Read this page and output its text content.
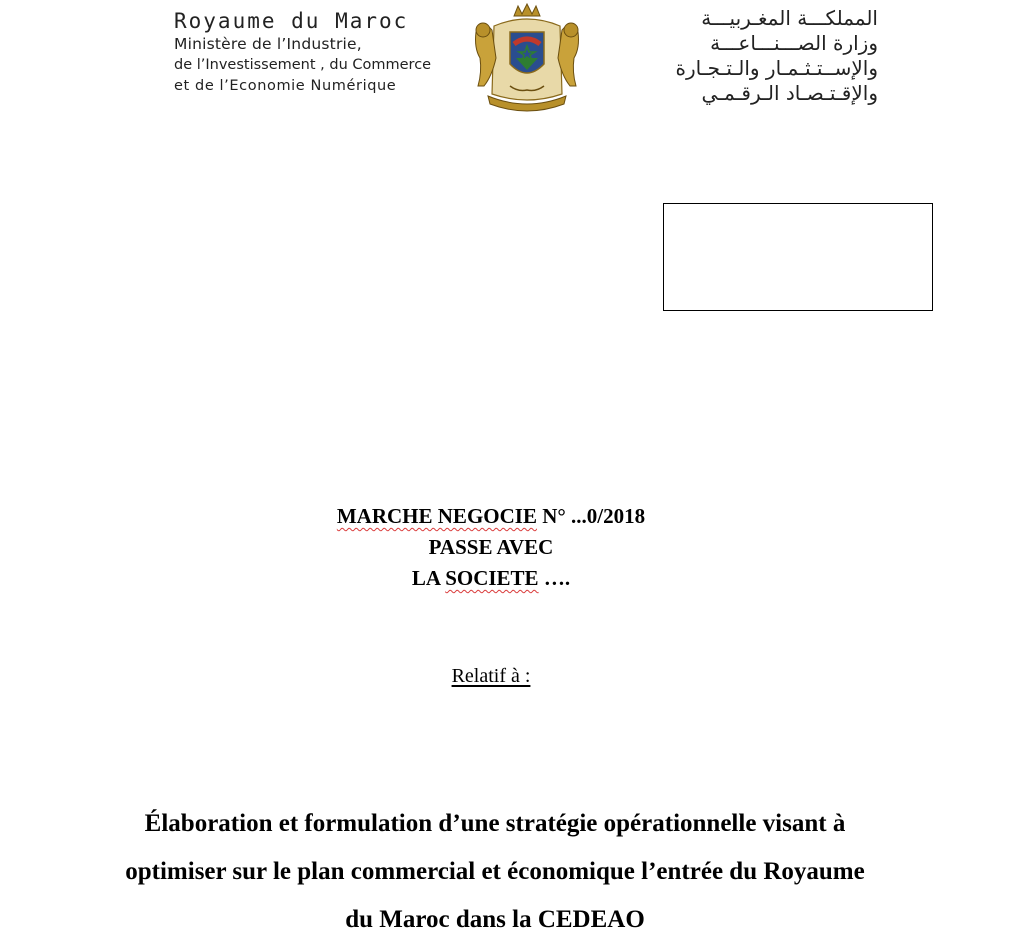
Royaume du Maroc
Ministère de l’Industrie,
de l’Investissement , du Commerce
et de l’Economie Numérique
المملكـــة المغـربيـــة
وزارة الصـــنـــاعـــة
والإســتـثـمـار والـتـجـارة
والإقـتـصـاد الـرقـمـي
MARCHE NEGOCIE N° ...0/2018
PASSE AVEC
LA SOCIETE ….
Relatif à :
Élaboration et formulation d’une stratégie opérationnelle visant à
optimiser sur le plan commercial et économique l’entrée du Royaume
du Maroc dans la CEDEAO
